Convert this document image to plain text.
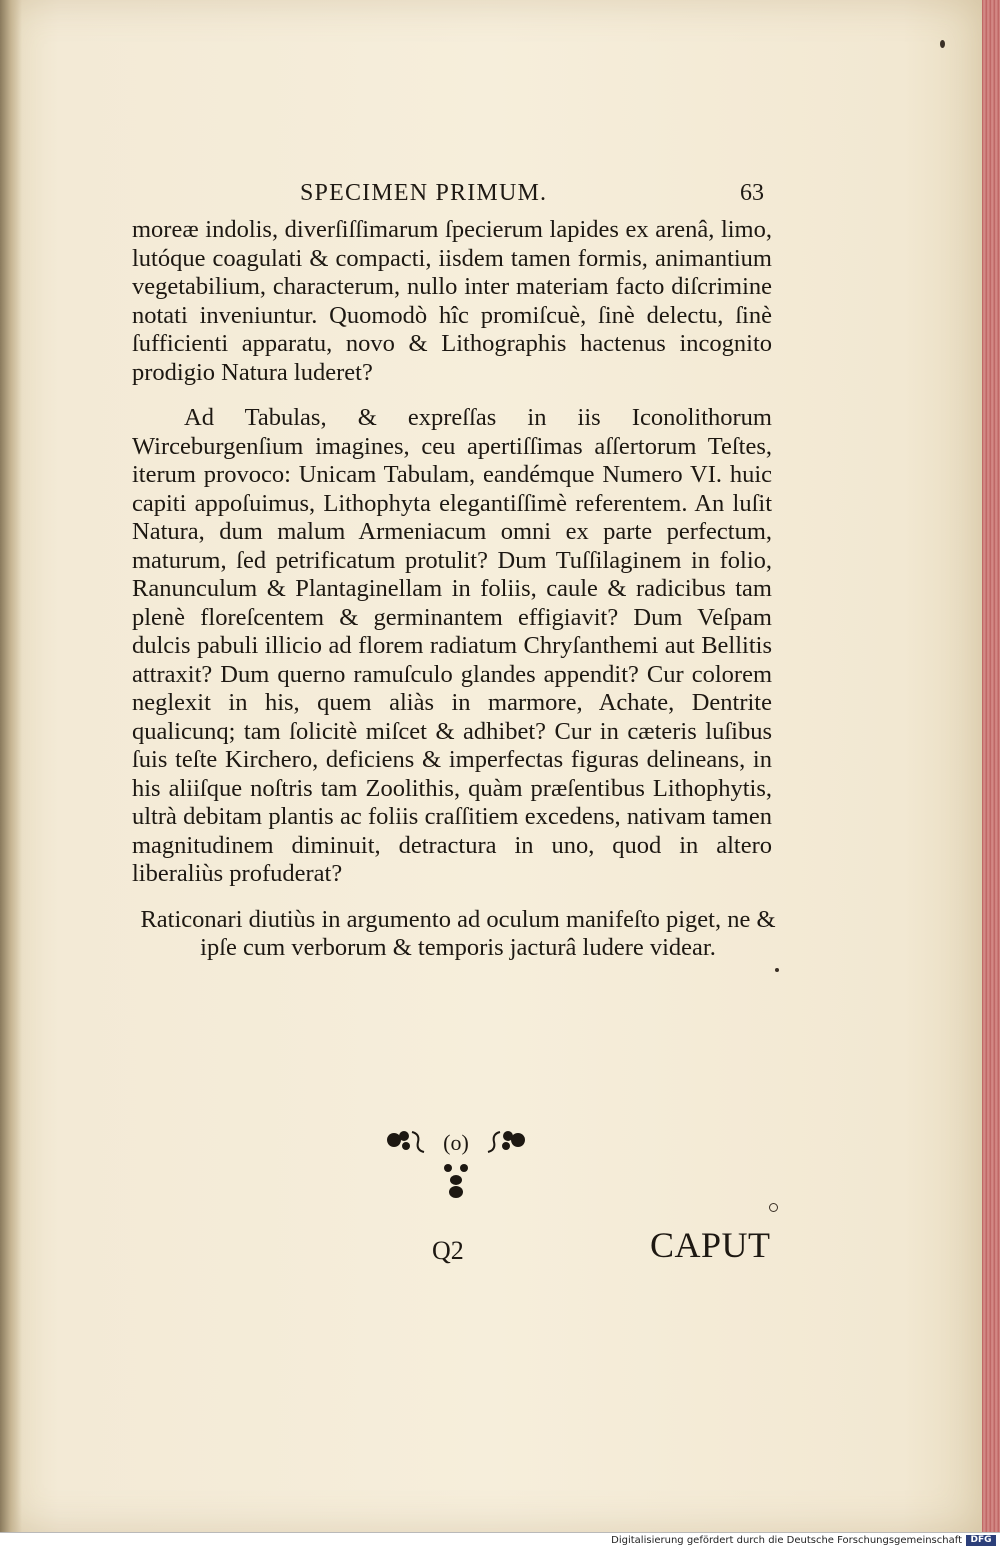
SPECIMEN PRIMUM.	63

moreæ indolis, diverſiſſimarum ſpecierum lapides ex arenâ, limo, lutóque coagulati & compacti, iisdem tamen formis, animantium vegetabilium, characterum, nullo inter materiam facto diſcrimine notati inveniuntur. Quomodò hîc promiſcuè, ſinè delectu, ſinè ſufficienti apparatu, novo & Lithographis hactenus incognito prodigio Natura luderet?

Ad Tabulas, & expreſſas in iis Iconolithorum Wirceburgenſium imagines, ceu apertiſſimas aſſertorum Teſtes, iterum provoco: Unicam Tabulam, eandémque Numero VI. huic capiti appoſuimus, Lithophyta elegantiſſimè referentem. An luſit Natura, dum malum Armeniacum omni ex parte perfectum, maturum, ſed petrificatum protulit? Dum Tuſſilaginem in folio, Ranunculum & Plantaginellam in foliis, caule & radicibus tam plenè floreſcentem & germinantem effigiavit? Dum Veſpam dulcis pabuli illicio ad florem radiatum Chryſanthemi aut Bellitis attraxit? Dum querno ramuſculo glandes appendit? Cur colorem neglexit in his, quem aliàs in marmore, Achate, Dentrite qualicunq; tam ſolicitè miſcet & adhibet? Cur in cæteris luſibus ſuis teſte Kirchero, deficiens & imperfectas figuras delineans, in his aliiſque noſtris tam Zoolithis, quàm præſentibus Lithophytis, ultrà debitam plantis ac foliis craſſitiem excedens, nativam tamen magnitudinem diminuit, detractura in uno, quod in altero liberaliùs profuderat?

Raticonari diutiùs in argumento ad oculum manifeſto piget, ne & ipſe cum verborum & temporis jacturâ ludere videar.

(o)
Q2	CAPUT
Digitalisierung gefördert durch die Deutsche Forschungsgemeinschaft DFG
